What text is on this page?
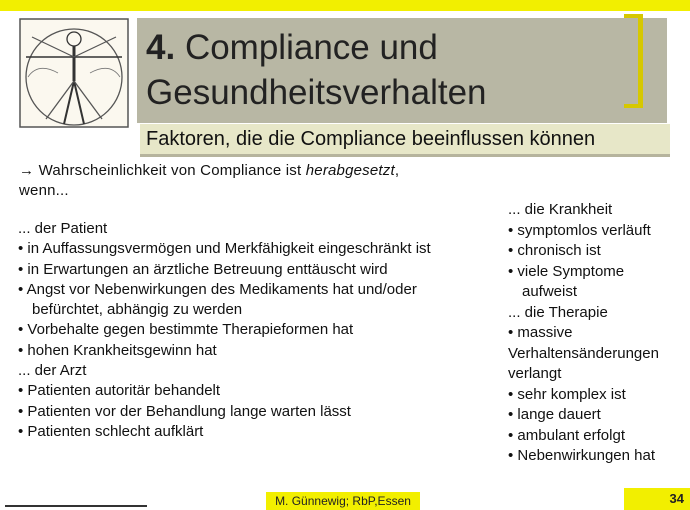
4. Compliance und
Gesundheitsverhalten
Faktoren, die die Compliance beeinflussen können
→ Wahrscheinlichkeit von Compliance ist herabgesetzt,
wenn...
... der Patient
• in Auffassungsvermögen und Merkfähigkeit eingeschränkt ist
• in Erwartungen an ärztliche Betreuung enttäuscht wird
• Angst vor Nebenwirkungen des Medikaments hat und/oder
befürchtet, abhängig zu werden
• Vorbehalte gegen bestimmte Therapieformen hat
• hohen Krankheitsgewinn hat
... der Arzt
• Patienten autoritär behandelt
• Patienten vor der Behandlung lange warten lässt
• Patienten schlecht aufklärt
... die Krankheit
• symptomlos verläuft
• chronisch ist
• viele Symptome
aufweist
... die Therapie
• massive
Verhaltensänderungen
verlangt
• sehr komplex ist
• lange dauert
• ambulant erfolgt
• Nebenwirkungen hat
M. Günnewig; RbP,Essen	34
